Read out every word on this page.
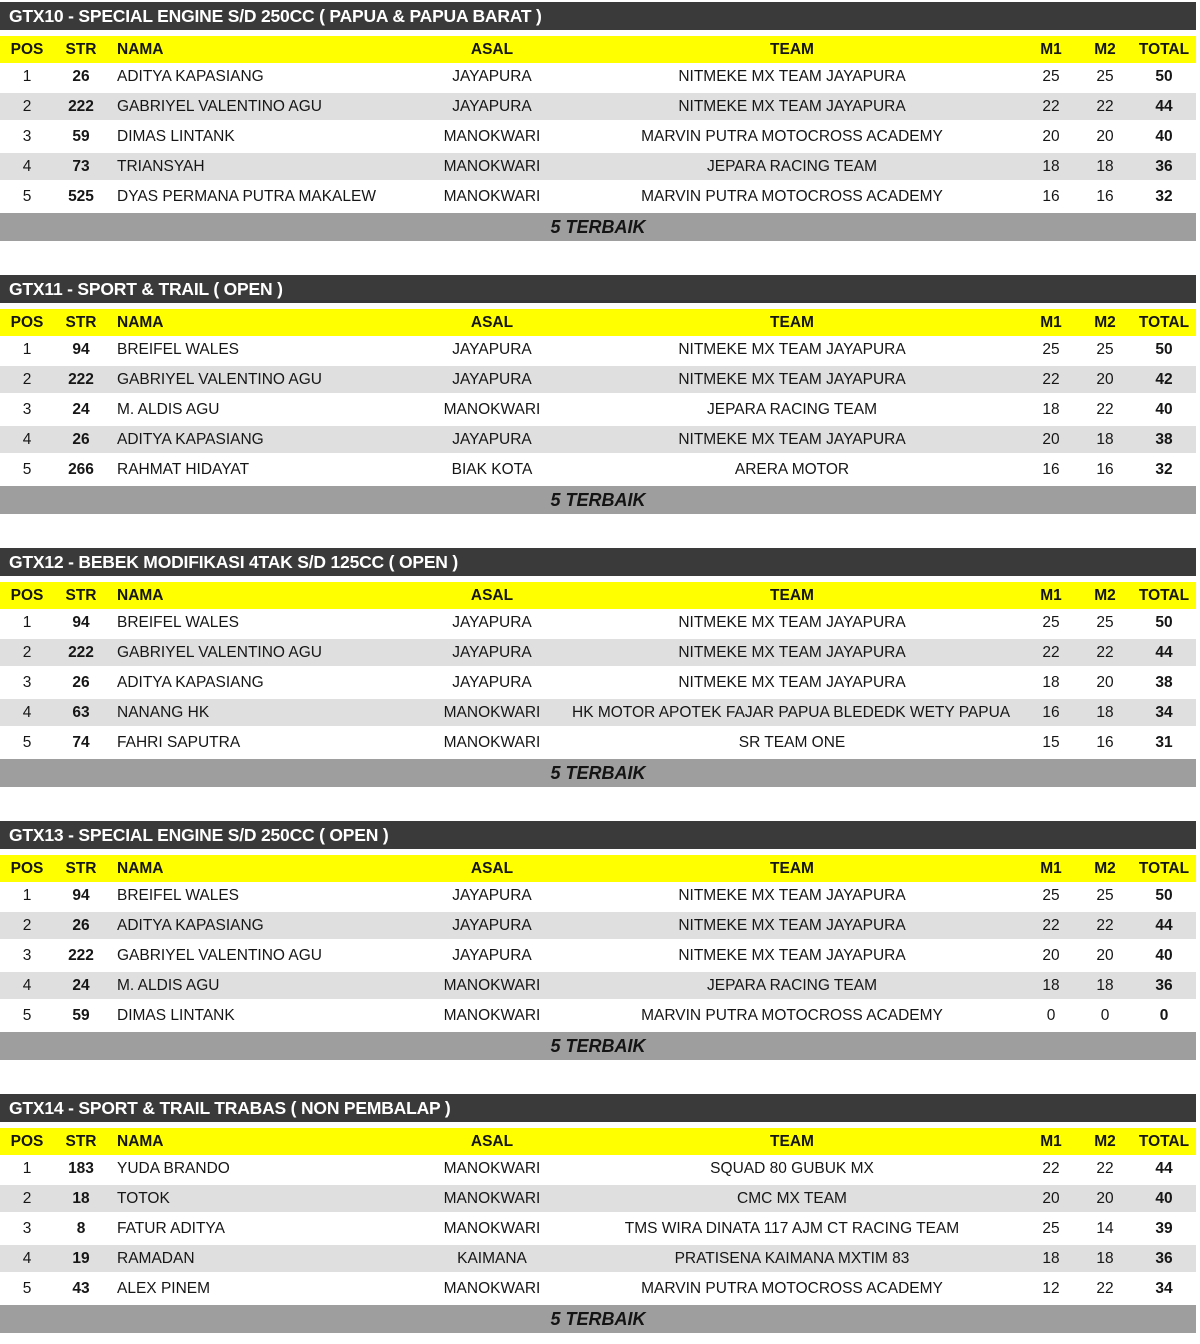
GTX10 - SPECIAL ENGINE S/D 250CC ( PAPUA & PAPUA BARAT )
POS	STR	NAMA	ASAL	TEAM	M1	M2	TOTAL
1	26	ADITYA KAPASIANG	JAYAPURA	NITMEKE MX TEAM JAYAPURA	25	25	50
2	222	GABRIYEL VALENTINO AGU	JAYAPURA	NITMEKE MX TEAM JAYAPURA	22	22	44
3	59	DIMAS LINTANK	MANOKWARI	MARVIN PUTRA MOTOCROSS ACADEMY	20	20	40
4	73	TRIANSYAH	MANOKWARI	JEPARA RACING TEAM	18	18	36
5	525	DYAS PERMANA PUTRA MAKALEW	MANOKWARI	MARVIN PUTRA MOTOCROSS ACADEMY	16	16	32
5 TERBAIK
GTX11 - SPORT & TRAIL ( OPEN )
POS	STR	NAMA	ASAL	TEAM	M1	M2	TOTAL
1	94	BREIFEL WALES	JAYAPURA	NITMEKE MX TEAM JAYAPURA	25	25	50
2	222	GABRIYEL VALENTINO AGU	JAYAPURA	NITMEKE MX TEAM JAYAPURA	22	20	42
3	24	M. ALDIS AGU	MANOKWARI	JEPARA RACING TEAM	18	22	40
4	26	ADITYA KAPASIANG	JAYAPURA	NITMEKE MX TEAM JAYAPURA	20	18	38
5	266	RAHMAT HIDAYAT	BIAK KOTA	ARERA MOTOR	16	16	32
5 TERBAIK
GTX12 - BEBEK MODIFIKASI 4TAK S/D 125CC ( OPEN )
POS	STR	NAMA	ASAL	TEAM	M1	M2	TOTAL
1	94	BREIFEL WALES	JAYAPURA	NITMEKE MX TEAM JAYAPURA	25	25	50
2	222	GABRIYEL VALENTINO AGU	JAYAPURA	NITMEKE MX TEAM JAYAPURA	22	22	44
3	26	ADITYA KAPASIANG	JAYAPURA	NITMEKE MX TEAM JAYAPURA	18	20	38
4	63	NANANG HK	MANOKWARI	HK MOTOR APOTEK FAJAR PAPUA BLEDEDK WETY PAPUA	16	18	34
5	74	FAHRI SAPUTRA	MANOKWARI	SR TEAM ONE	15	16	31
5 TERBAIK
GTX13 - SPECIAL ENGINE S/D 250CC ( OPEN )
POS	STR	NAMA	ASAL	TEAM	M1	M2	TOTAL
1	94	BREIFEL WALES	JAYAPURA	NITMEKE MX TEAM JAYAPURA	25	25	50
2	26	ADITYA KAPASIANG	JAYAPURA	NITMEKE MX TEAM JAYAPURA	22	22	44
3	222	GABRIYEL VALENTINO AGU	JAYAPURA	NITMEKE MX TEAM JAYAPURA	20	20	40
4	24	M. ALDIS AGU	MANOKWARI	JEPARA RACING TEAM	18	18	36
5	59	DIMAS LINTANK	MANOKWARI	MARVIN PUTRA MOTOCROSS ACADEMY	0	0	0
5 TERBAIK
GTX14 - SPORT & TRAIL TRABAS ( NON PEMBALAP )
POS	STR	NAMA	ASAL	TEAM	M1	M2	TOTAL
1	183	YUDA BRANDO	MANOKWARI	SQUAD 80 GUBUK MX	22	22	44
2	18	TOTOK	MANOKWARI	CMC MX TEAM	20	20	40
3	8	FATUR ADITYA	MANOKWARI	TMS WIRA DINATA 117 AJM CT RACING TEAM	25	14	39
4	19	RAMADAN	KAIMANA	PRATISENA KAIMANA MXTIM 83	18	18	36
5	43	ALEX PINEM	MANOKWARI	MARVIN PUTRA MOTOCROSS ACADEMY	12	22	34
5 TERBAIK
